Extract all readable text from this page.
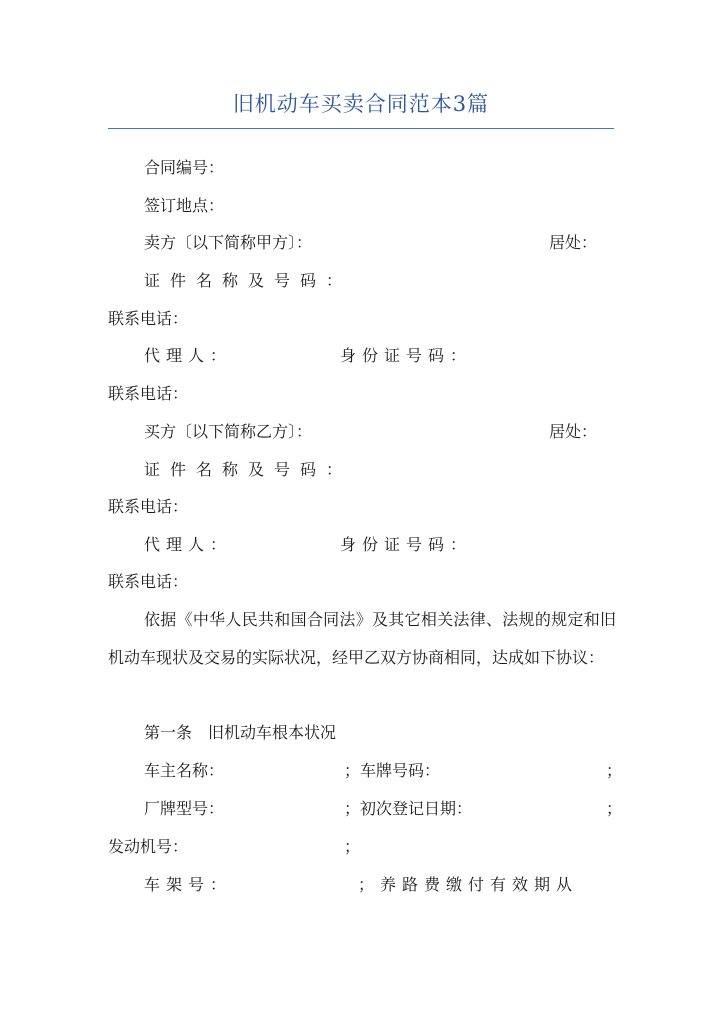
旧机动车买卖合同范本3篇
合同编号：
签订地点：
卖方〔以下简称甲方〕：	居处：
证件名称及号码：
联系电话：
代理人：	身份证号码：
联系电话：
买方〔以下简称乙方〕：	居处：
证件名称及号码：
联系电话：
代理人：	身份证号码：
联系电话：
依据《中华人民共和国合同法》及其它相关法律、法规的规定和旧机动车现状及交易的实际状况，经甲乙双方协商相同，达成如下协议：
第一条　旧机动车根本状况
车主名称：	；车牌号码：	；
厂牌型号：	；初次登记日期：	；
发动机号：	；
车架号：	；养路费缴付有效期从
